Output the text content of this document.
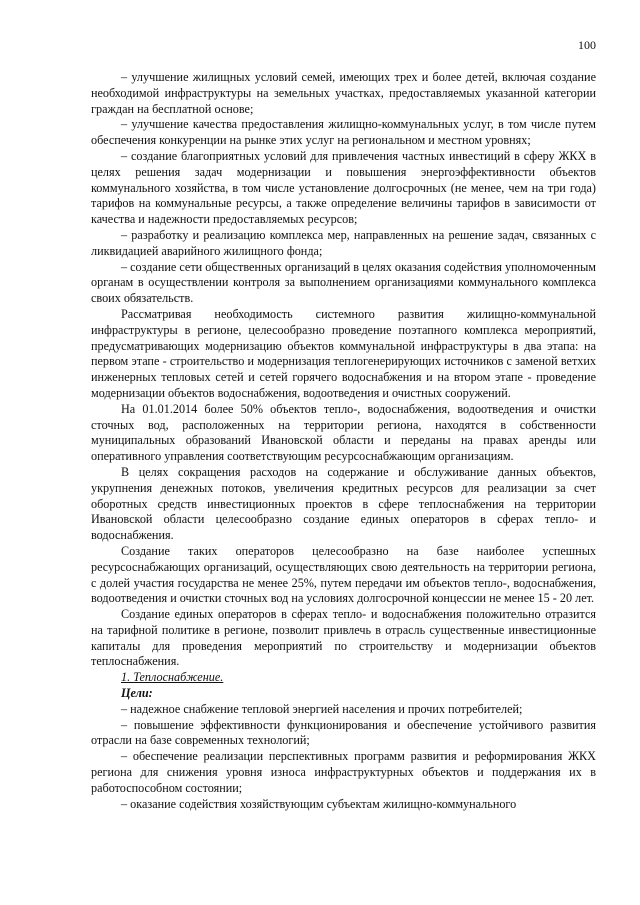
100

‒ улучшение жилищных условий семей, имеющих трех и более детей, включая создание необходимой инфраструктуры на земельных участках, предоставляемых указанной категории граждан на бесплатной основе;

‒ улучшение качества предоставления жилищно-коммунальных услуг, в том числе путем обеспечения конкуренции на рынке этих услуг на региональном и местном уровнях;

‒ создание благоприятных условий для привлечения частных инвестиций в сферу ЖКХ в целях решения задач модернизации и повышения энергоэффективности объектов коммунального хозяйства, в том числе установление долгосрочных (не менее, чем на три года) тарифов на коммунальные ресурсы, а также определение величины тарифов в зависимости от качества и надежности предоставляемых ресурсов;

‒ разработку и реализацию комплекса мер, направленных на решение задач, связанных с ликвидацией аварийного жилищного фонда;

‒ создание сети общественных организаций в целях оказания содействия уполномоченным органам в осуществлении контроля за выполнением организациями коммунального комплекса своих обязательств.

Рассматривая необходимость системного развития жилищно-коммунальной инфраструктуры в регионе, целесообразно проведение поэтапного комплекса мероприятий, предусматривающих модернизацию объектов коммунальной инфраструктуры в два этапа: на первом этапе - строительство и модернизация теплогенерирующих источников с заменой ветхих инженерных тепловых сетей и сетей горячего водоснабжения и на втором этапе - проведение модернизации объектов водоснабжения, водоотведения и очистных сооружений.

На 01.01.2014 более 50% объектов тепло-, водоснабжения, водоотведения и очистки сточных вод, расположенных на территории региона, находятся в собственности муниципальных образований Ивановской области и переданы на правах аренды или оперативного управления соответствующим ресурсоснабжающим организациям.

В целях сокращения расходов на содержание и обслуживание данных объектов, укрупнения денежных потоков, увеличения кредитных ресурсов для реализации за счет оборотных средств инвестиционных проектов в сфере теплоснабжения на территории Ивановской области целесообразно создание единых операторов в сферах тепло- и водоснабжения.

Создание таких операторов целесообразно на базе наиболее успешных ресурсоснабжающих организаций, осуществляющих свою деятельность на территории региона, с долей участия государства не менее 25%, путем передачи им объектов тепло-, водоснабжения, водоотведения и очистки сточных вод на условиях долгосрочной концессии не менее 15 - 20 лет.

Создание единых операторов в сферах тепло- и водоснабжения положительно отразится на тарифной политике в регионе, позволит привлечь в отрасль существенные инвестиционные капиталы для проведения мероприятий по строительству и модернизации объектов теплоснабжения.

1. Теплоснабжение.

Цели:

‒ надежное снабжение тепловой энергией населения и прочих потребителей;

‒ повышение эффективности функционирования и обеспечение устойчивого развития отрасли на базе современных технологий;

‒ обеспечение реализации перспективных программ развития и реформирования ЖКХ региона для снижения уровня износа инфраструктурных объектов и поддержания их в работоспособном состоянии;

‒ оказание содействия хозяйствующим субъектам жилищно-коммунального
